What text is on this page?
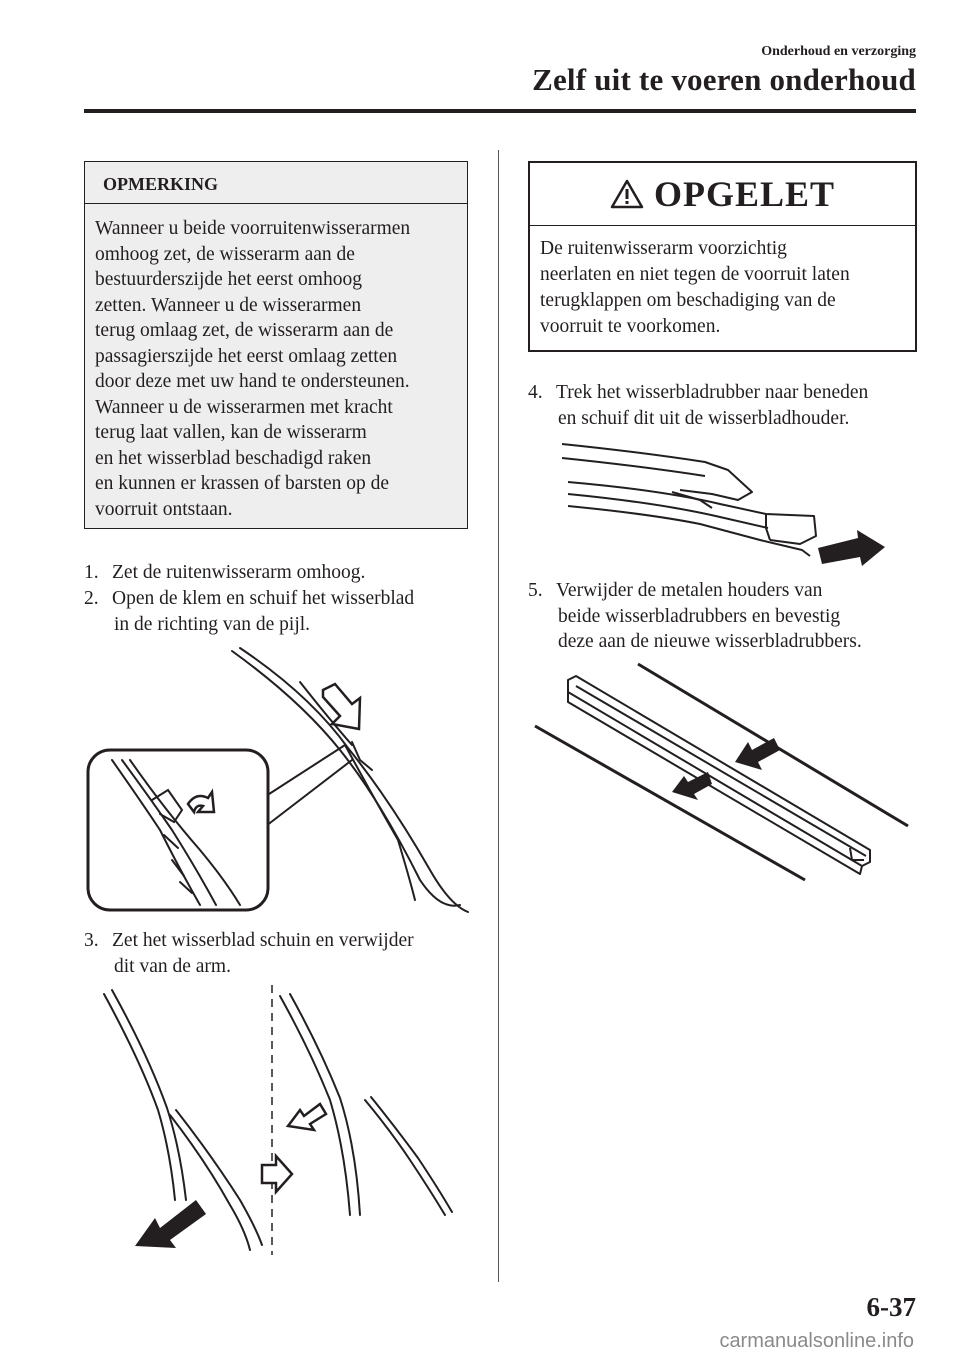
Onderhoud en verzorging
Zelf uit te voeren onderhoud
OPMERKING
Wanneer u beide voorruitenwisserarmen
omhoog zet, de wisserarm aan de
bestuurderszijde het eerst omhoog
zetten. Wanneer u de wisserarmen
terug omlaag zet, de wisserarm aan de
passagierszijde het eerst omlaag zetten
door deze met uw hand te ondersteunen.
Wanneer u de wisserarmen met kracht
terug laat vallen, kan de wisserarm
en het wisserblad beschadigd raken
en kunnen er krassen of barsten op de
voorruit ontstaan.
1. Zet de ruitenwisserarm omhoog.
2. Open de klem en schuif het wisserblad
in de richting van de pijl.
3. Zet het wisserblad schuin en verwijder
dit van de arm.
OPGELET
De ruitenwisserarm voorzichtig
neerlaten en niet tegen de voorruit laten
terugklappen om beschadiging van de
voorruit te voorkomen.
4. Trek het wisserbladrubber naar beneden
en schuif dit uit de wisserbladhouder.
5. Verwijder de metalen houders van
beide wisserbladrubbers en bevestig
deze aan de nieuwe wisserbladrubbers.
6-37
carmanualsonline.info
